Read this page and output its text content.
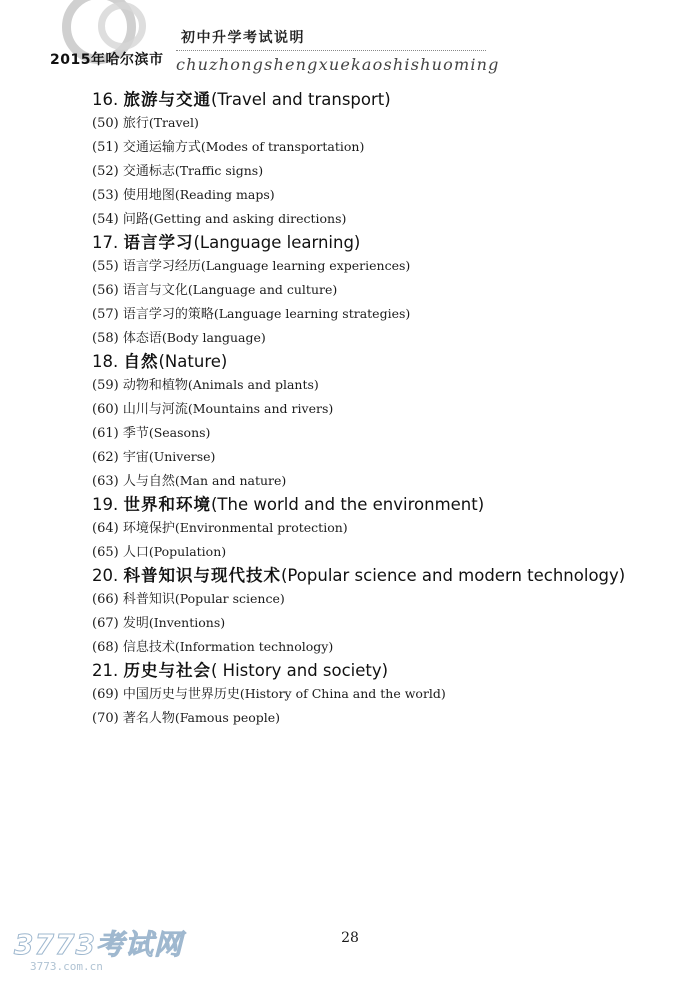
2015年哈尔滨市
初中升学考试说明
chuzhongshengxuekaoshishuoming
16. 旅游与交通(Travel and transport)
(50) 旅行(Travel)
(51) 交通运输方式(Modes of transportation)
(52) 交通标志(Traffic signs)
(53) 使用地图(Reading maps)
(54) 问路(Getting and asking directions)
17. 语言学习(Language learning)
(55) 语言学习经历(Language learning experiences)
(56) 语言与文化(Language and culture)
(57) 语言学习的策略(Language learning strategies)
(58) 体态语(Body language)
18. 自然(Nature)
(59) 动物和植物(Animals and plants)
(60) 山川与河流(Mountains and rivers)
(61) 季节(Seasons)
(62) 宇宙(Universe)
(63) 人与自然(Man and nature)
19. 世界和环境(The world and the environment)
(64) 环境保护(Environmental protection)
(65) 人口(Population)
20. 科普知识与现代技术(Popular science and modern technology)
(66) 科普知识(Popular science)
(67) 发明(Inventions)
(68) 信息技术(Information technology)
21. 历史与社会( History and society)
(69) 中国历史与世界历史(History of China and the world)
(70) 著名人物(Famous people)
28
3773考试网
3773.com.cn
